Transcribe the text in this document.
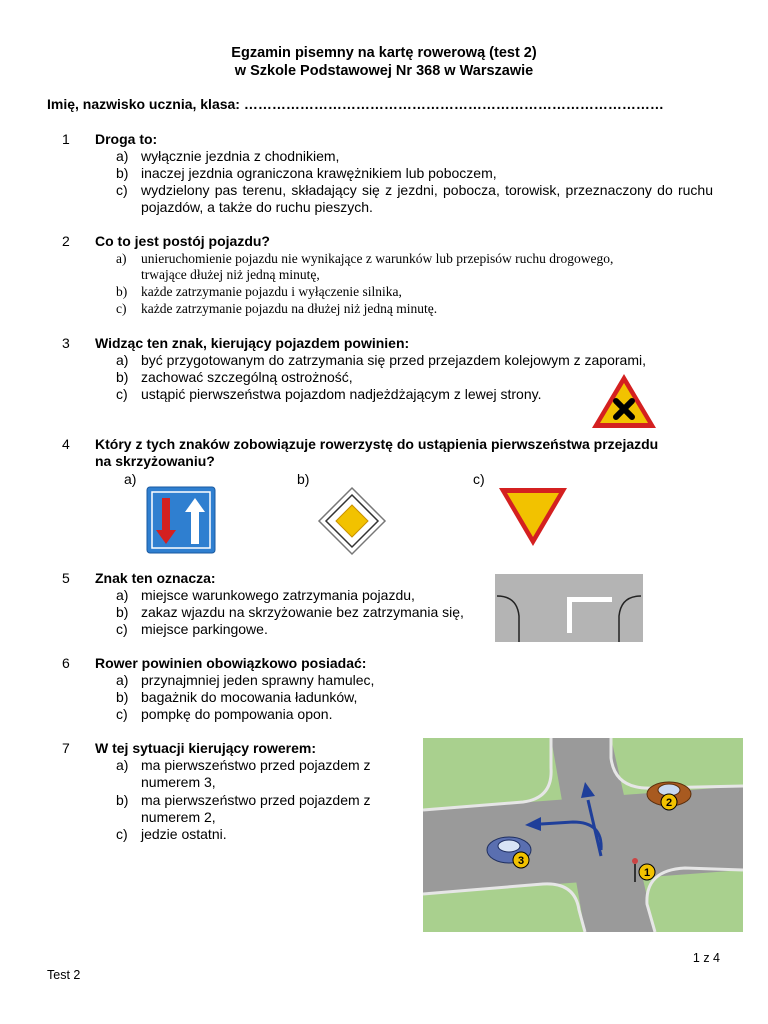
Egzamin pisemny na kartę rowerową (test 2)
w Szkole Podstawowej Nr 368 w Warszawie
Imię, nazwisko ucznia, klasa: ………………………………………………………………………………
1 Droga to:
a) wyłącznie jezdnia z chodnikiem,
b) inaczej jezdnia ograniczona krawężnikiem lub poboczem,
c) wydzielony pas terenu, składający się z jezdni, pobocza, torowisk, przeznaczony do ruchu pojazdów, a także do ruchu pieszych.
2 Co to jest postój pojazdu?
a) unieruchomienie pojazdu nie wynikające z warunków lub przepisów ruchu drogowego,
trwające dłużej niż jedną minutę,
b) każde zatrzymanie pojazdu i wyłączenie silnika,
c) każde zatrzymanie pojazdu na dłużej niż jedną minutę.
3 Widząc ten znak, kierujący pojazdem powinien:
a) być przygotowanym do zatrzymania się przed przejazdem kolejowym z zaporami,
b) zachować szczególną ostrożność,
c) ustąpić pierwszeństwa pojazdom nadjeżdżającym z lewej strony.
4 Który z tych znaków zobowiązuje rowerzystę do ustąpienia pierwszeństwa przejazdu
na skrzyżowaniu?
a)	b)	c)
5 Znak ten oznacza:
a) miejsce warunkowego zatrzymania pojazdu,
b) zakaz wjazdu na skrzyżowanie bez zatrzymania się,
c) miejsce parkingowe.
6 Rower powinien obowiązkowo posiadać:
a) przynajmniej jeden sprawny hamulec,
b) bagażnik do mocowania ładunków,
c) pompkę do pompowania opon.
7 W tej sytuacji kierujący rowerem:
a) ma pierwszeństwo przed pojazdem z
numerem 3,
b) ma pierwszeństwo przed pojazdem z
numerem 2,
c) jedzie ostatni.
2
3
1
1 z 4
Test 2
